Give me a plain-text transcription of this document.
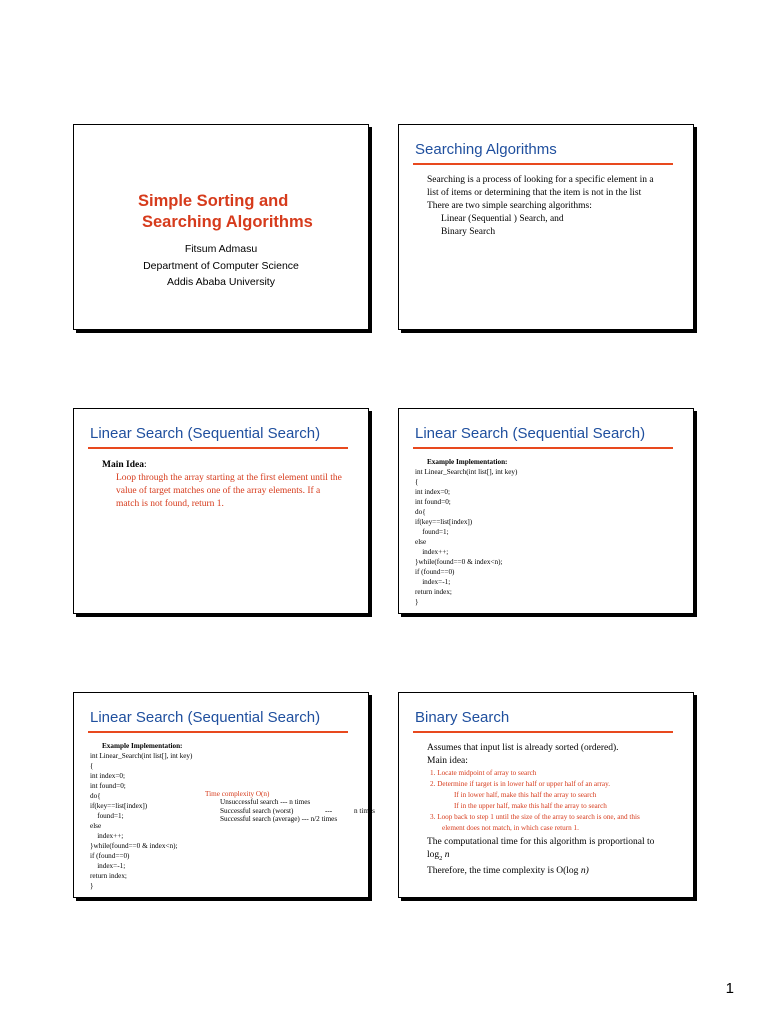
Simple Sorting and
Searching Algorithms
Fitsum Admasu
Department of Computer Science
Addis Ababa University
Searching Algorithms
Searching is a process of looking for a specific element in a
list of items or determining that the item is not in the list
There are two simple searching algorithms:
Linear (Sequential ) Search, and
Binary Search
Linear Search (Sequential Search)
Main Idea:
Loop through the array starting at the first element until the
value of target matches one of the array elements. If a
match is not found, return 1.
Linear Search (Sequential Search)
Example Implementation:
int Linear_Search(int list[], int key)
{
int index=0;
int found=0;
do{
if(key==list[index])
found=1;
else
index++;
}while(found==0 & index<n);
if (found==0)
index=-1;
return index;
}
Linear Search (Sequential Search)
Example Implementation:
int Linear_Search(int list[], int key)
{
int index=0;
int found=0;
do{
if(key==list[index])
found=1;
else
index++;
}while(found==0 & index<n);
if (found==0)
index=-1;
return index;
}
Time complexity O(n)
Unsuccessful search --- n times
Successful search (worst)	---	n times
Successful search (average) --- n/2 times
Binary Search
Assumes that input list is already sorted (ordered).
Main idea:
1. Locate midpoint of array to search
2. Determine if target is in lower half or upper half of an array.
If in lower half, make this half the array to search
If in the upper half, make this half the array to search
3. Loop back to step 1 until the size of the array to search is one, and this
element does not match, in which case return 1.
The computational time for this algorithm is proportional to
$\log_2 n$
Therefore, the time complexity is O(log n)
1
